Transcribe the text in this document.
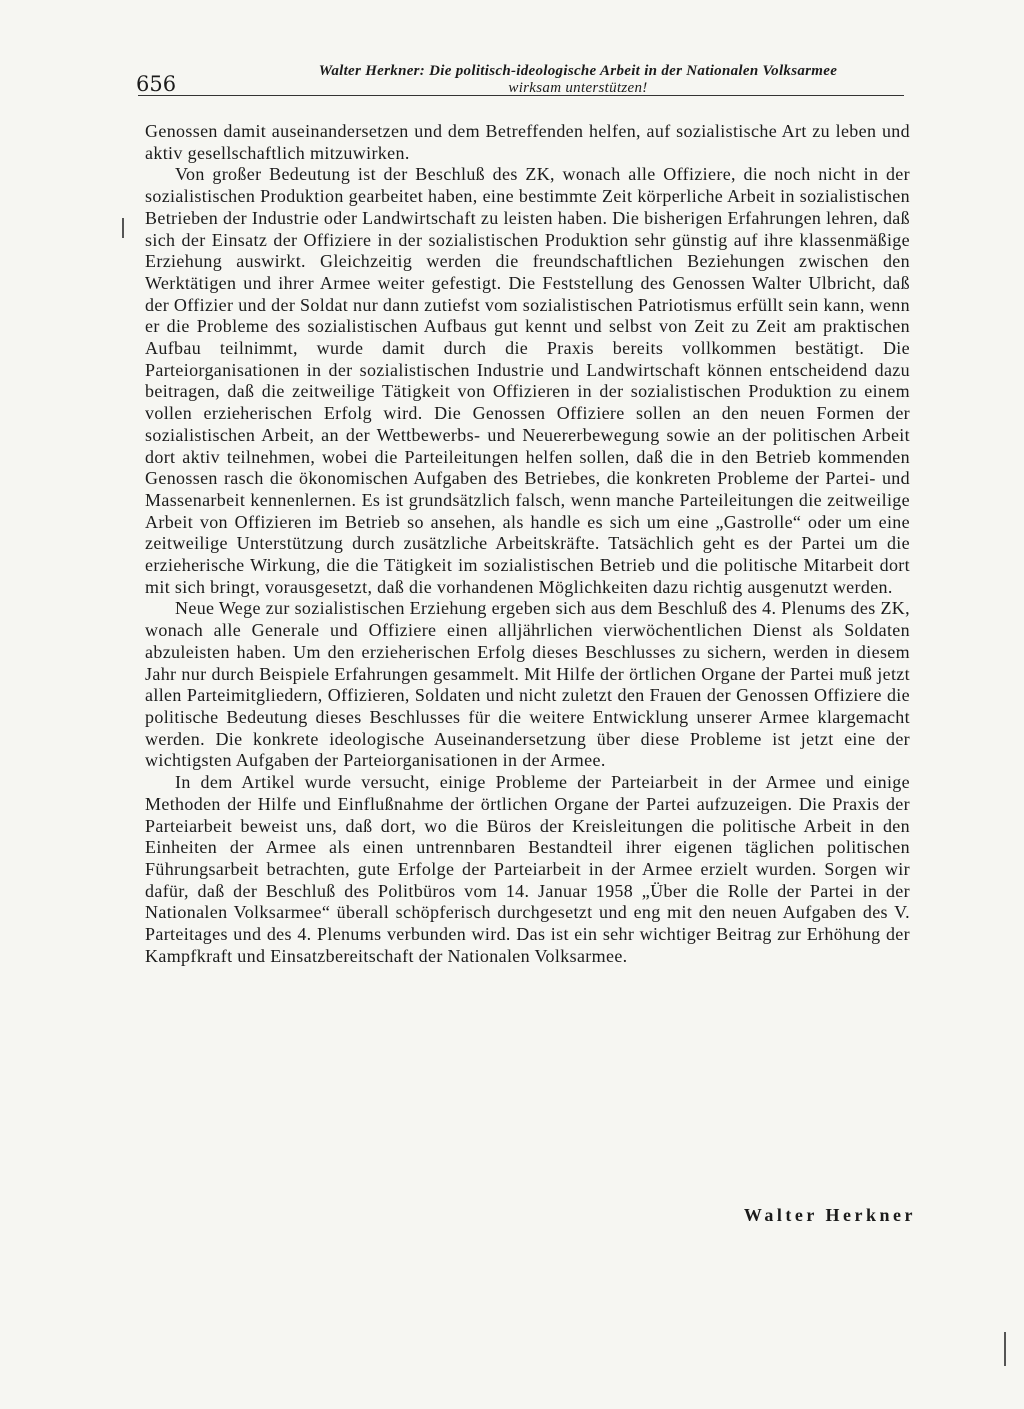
656
Walter Herkner: Die politisch-ideologische Arbeit in der Nationalen Volksarmee
wirksam unterstützen!

Genossen damit auseinandersetzen und dem Betreffenden helfen, auf sozialistische Art zu leben und aktiv gesellschaftlich mitzuwirken.

Von großer Bedeutung ist der Beschluß des ZK, wonach alle Offiziere, die noch nicht in der sozialistischen Produktion gearbeitet haben, eine bestimmte Zeit körperliche Arbeit in sozialistischen Betrieben der Industrie oder Landwirtschaft zu leisten haben. Die bisherigen Erfahrungen lehren, daß sich der Einsatz der Offiziere in der sozialistischen Produktion sehr günstig auf ihre klassenmäßige Erziehung auswirkt. Gleichzeitig werden die freundschaftlichen Beziehungen zwischen den Werktätigen und ihrer Armee weiter gefestigt. Die Feststellung des Genossen Walter Ulbricht, daß der Offizier und der Soldat nur dann zutiefst vom sozialistischen Patriotismus erfüllt sein kann, wenn er die Probleme des sozialistischen Aufbaus gut kennt und selbst von Zeit zu Zeit am praktischen Aufbau teilnimmt, wurde damit durch die Praxis bereits vollkommen bestätigt. Die Parteiorganisationen in der sozialistischen Industrie und Landwirtschaft können entscheidend dazu beitragen, daß die zeitweilige Tätigkeit von Offizieren in der sozialistischen Produktion zu einem vollen erzieherischen Erfolg wird. Die Genossen Offiziere sollen an den neuen Formen der sozialistischen Arbeit, an der Wettbewerbs- und Neuererbewegung sowie an der politischen Arbeit dort aktiv teilnehmen, wobei die Parteileitungen helfen sollen, daß die in den Betrieb kommenden Genossen rasch die ökonomischen Aufgaben des Betriebes, die konkreten Probleme der Partei- und Massenarbeit kennenlernen. Es ist grundsätzlich falsch, wenn manche Parteileitungen die zeitweilige Arbeit von Offizieren im Betrieb so ansehen, als handle es sich um eine „Gastrolle“ oder um eine zeitweilige Unterstützung durch zusätzliche Arbeitskräfte. Tatsächlich geht es der Partei um die erzieherische Wirkung, die die Tätigkeit im sozialistischen Betrieb und die politische Mitarbeit dort mit sich bringt, vorausgesetzt, daß die vorhandenen Möglichkeiten dazu richtig ausgenutzt werden.

Neue Wege zur sozialistischen Erziehung ergeben sich aus dem Beschluß des 4. Plenums des ZK, wonach alle Generale und Offiziere einen alljährlichen vierwöchentlichen Dienst als Soldaten abzuleisten haben. Um den erzieherischen Erfolg dieses Beschlusses zu sichern, werden in diesem Jahr nur durch Beispiele Erfahrungen gesammelt. Mit Hilfe der örtlichen Organe der Partei muß jetzt allen Parteimitgliedern, Offizieren, Soldaten und nicht zuletzt den Frauen der Genossen Offiziere die politische Bedeutung dieses Beschlusses für die weitere Entwicklung unserer Armee klargemacht werden. Die konkrete ideologische Auseinandersetzung über diese Probleme ist jetzt eine der wichtigsten Aufgaben der Parteiorganisationen in der Armee.

In dem Artikel wurde versucht, einige Probleme der Parteiarbeit in der Armee und einige Methoden der Hilfe und Einflußnahme der örtlichen Organe der Partei aufzuzeigen. Die Praxis der Parteiarbeit beweist uns, daß dort, wo die Büros der Kreisleitungen die politische Arbeit in den Einheiten der Armee als einen untrennbaren Bestandteil ihrer eigenen täglichen politischen Führungsarbeit betrachten, gute Erfolge der Parteiarbeit in der Armee erzielt wurden. Sorgen wir dafür, daß der Beschluß des Politbüros vom 14. Januar 1958 „Über die Rolle der Partei in der Nationalen Volksarmee“ überall schöpferisch durchgesetzt und eng mit den neuen Aufgaben des V. Parteitages und des 4. Plenums verbunden wird. Das ist ein sehr wichtiger Beitrag zur Erhöhung der Kampfkraft und Einsatzbereitschaft der Nationalen Volksarmee.

Walter Herkner
